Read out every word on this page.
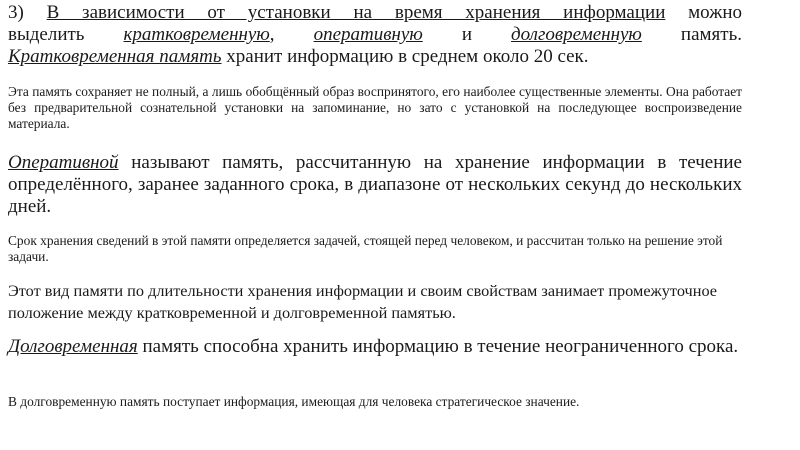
3) В зависимости от установки на время хранения информации можно
выделить кратковременную, оперативную и долговременную память.
Кратковременная память хранит информацию в среднем около 20 сек.

Эта память сохраняет не полный, а лишь обобщённый образ воспринятого, его наиболее существенные элементы. Она работает без предварительной сознательной установки на запоминание, но зато с установкой на последующее воспроизведение материала.

Оперативной называют память, рассчитанную на хранение информации в течение определённого, заранее заданного срока, в диапазоне от нескольких секунд до нескольких дней.

Срок хранения сведений в этой памяти определяется задачей, стоящей перед человеком, и рассчитан только на решение этой задачи.

Этот вид памяти по длительности хранения информации и своим свойствам занимает промежуточное положение между кратковременной и долговременной памятью.

Долговременная память способна хранить информацию в течение неограниченного срока.

В долговременную память поступает информация, имеющая для человека стратегическое значение.
